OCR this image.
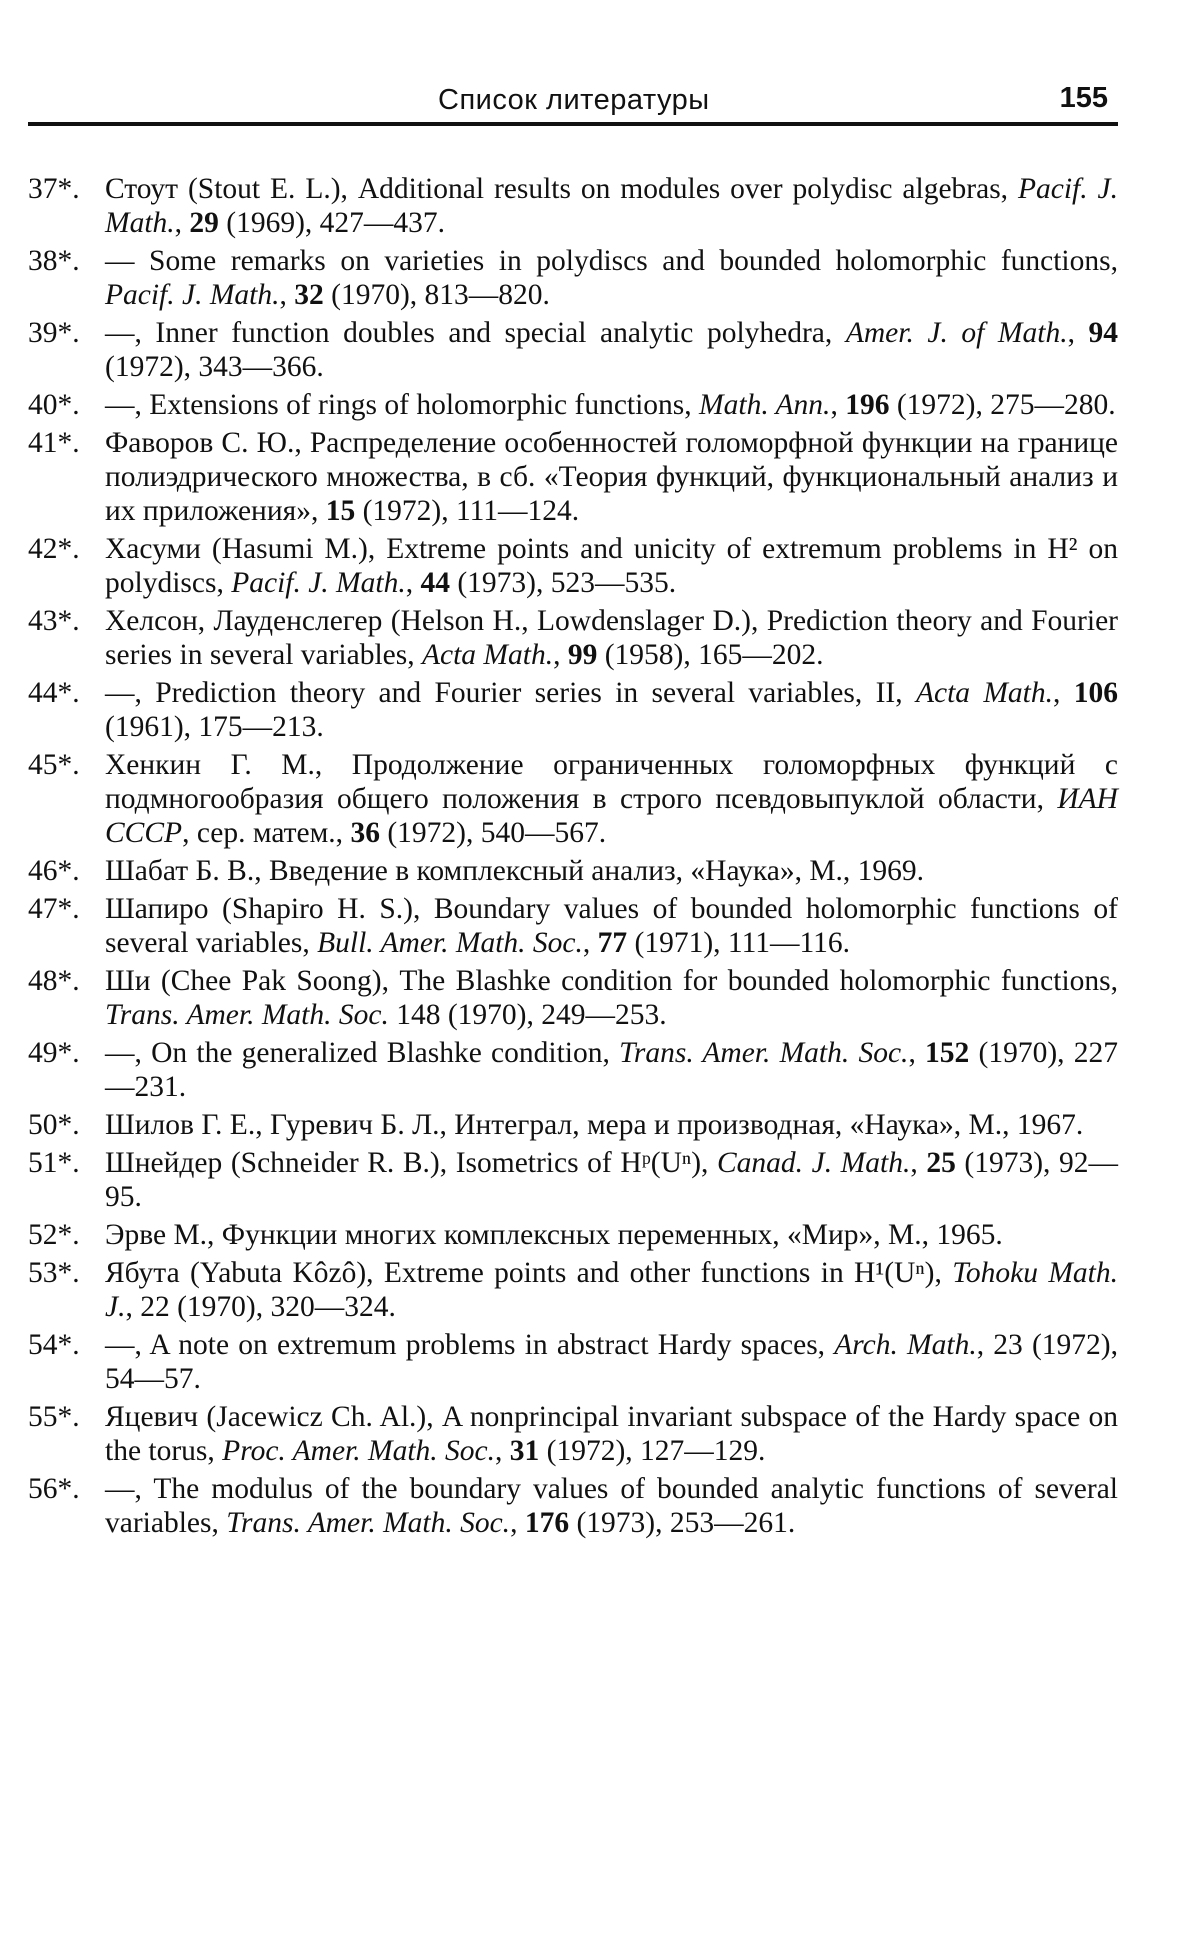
Список литературы	155
37*. Стоут (Stout E. L.), Additional results on modules over polydisc algebras, Pacif. J. Math., 29 (1969), 427—437.
38*. — Some remarks on varieties in polydiscs and bounded holomorphic functions, Pacif. J. Math., 32 (1970), 813—820.
39*. —, Inner function doubles and special analytic polyhedra, Amer. J. of Math., 94 (1972), 343—366.
40*. —, Extensions of rings of holomorphic functions, Math. Ann., 196 (1972), 275—280.
41*. Фаворов С. Ю., Распределение особенностей голоморфной функции на границе полиэдрического множества, в сб. «Теория функций, функциональный анализ и их приложения», 15 (1972), 111—124.
42*. Хасуми (Hasumi M.), Extreme points and unicity of extremum problems in H² on polydiscs, Pacif. J. Math., 44 (1973), 523—535.
43*. Хелсон, Лауденслегер (Helson H., Lowdenslager D.), Prediction theory and Fourier series in several variables, Acta Math., 99 (1958), 165—202.
44*. —, Prediction theory and Fourier series in several variables, II, Acta Math., 106 (1961), 175—213.
45*. Хенкин Г. М., Продолжение ограниченных голоморфных функций с подмногообразия общего положения в строго псевдовыпуклой области, ИАН СССР, сер. матем., 36 (1972), 540—567.
46*. Шабат Б. В., Введение в комплексный анализ, «Наука», М., 1969.
47*. Шапиро (Shapiro H. S.), Boundary values of bounded holomorphic functions of several variables, Bull. Amer. Math. Soc., 77 (1971), 111—116.
48*. Ши (Chee Pak Soong), The Blashke condition for bounded holomorphic functions, Trans. Amer. Math. Soc. 148 (1970), 249—253.
49*. —, On the generalized Blashke condition, Trans. Amer. Math. Soc., 152 (1970), 227—231.
50*. Шилов Г. Е., Гуревич Б. Л., Интеграл, мера и производная, «Наука», М., 1967.
51*. Шнейдер (Schneider R. B.), Isometrics of Hᵖ(Uⁿ), Canad. J. Math., 25 (1973), 92—95.
52*. Эрве М., Функции многих комплексных переменных, «Мир», М., 1965.
53*. Ябута (Yabuta Kôzô), Extreme points and other functions in H¹(Uⁿ), Tohoku Math. J., 22 (1970), 320—324.
54*. —, A note on extremum problems in abstract Hardy spaces, Arch. Math., 23 (1972), 54—57.
55*. Яцевич (Jacewicz Ch. Al.), A nonprincipal invariant subspace of the Hardy space on the torus, Proc. Amer. Math. Soc., 31 (1972), 127—129.
56*. —, The modulus of the boundary values of bounded analytic functions of several variables, Trans. Amer. Math. Soc., 176 (1973), 253—261.
